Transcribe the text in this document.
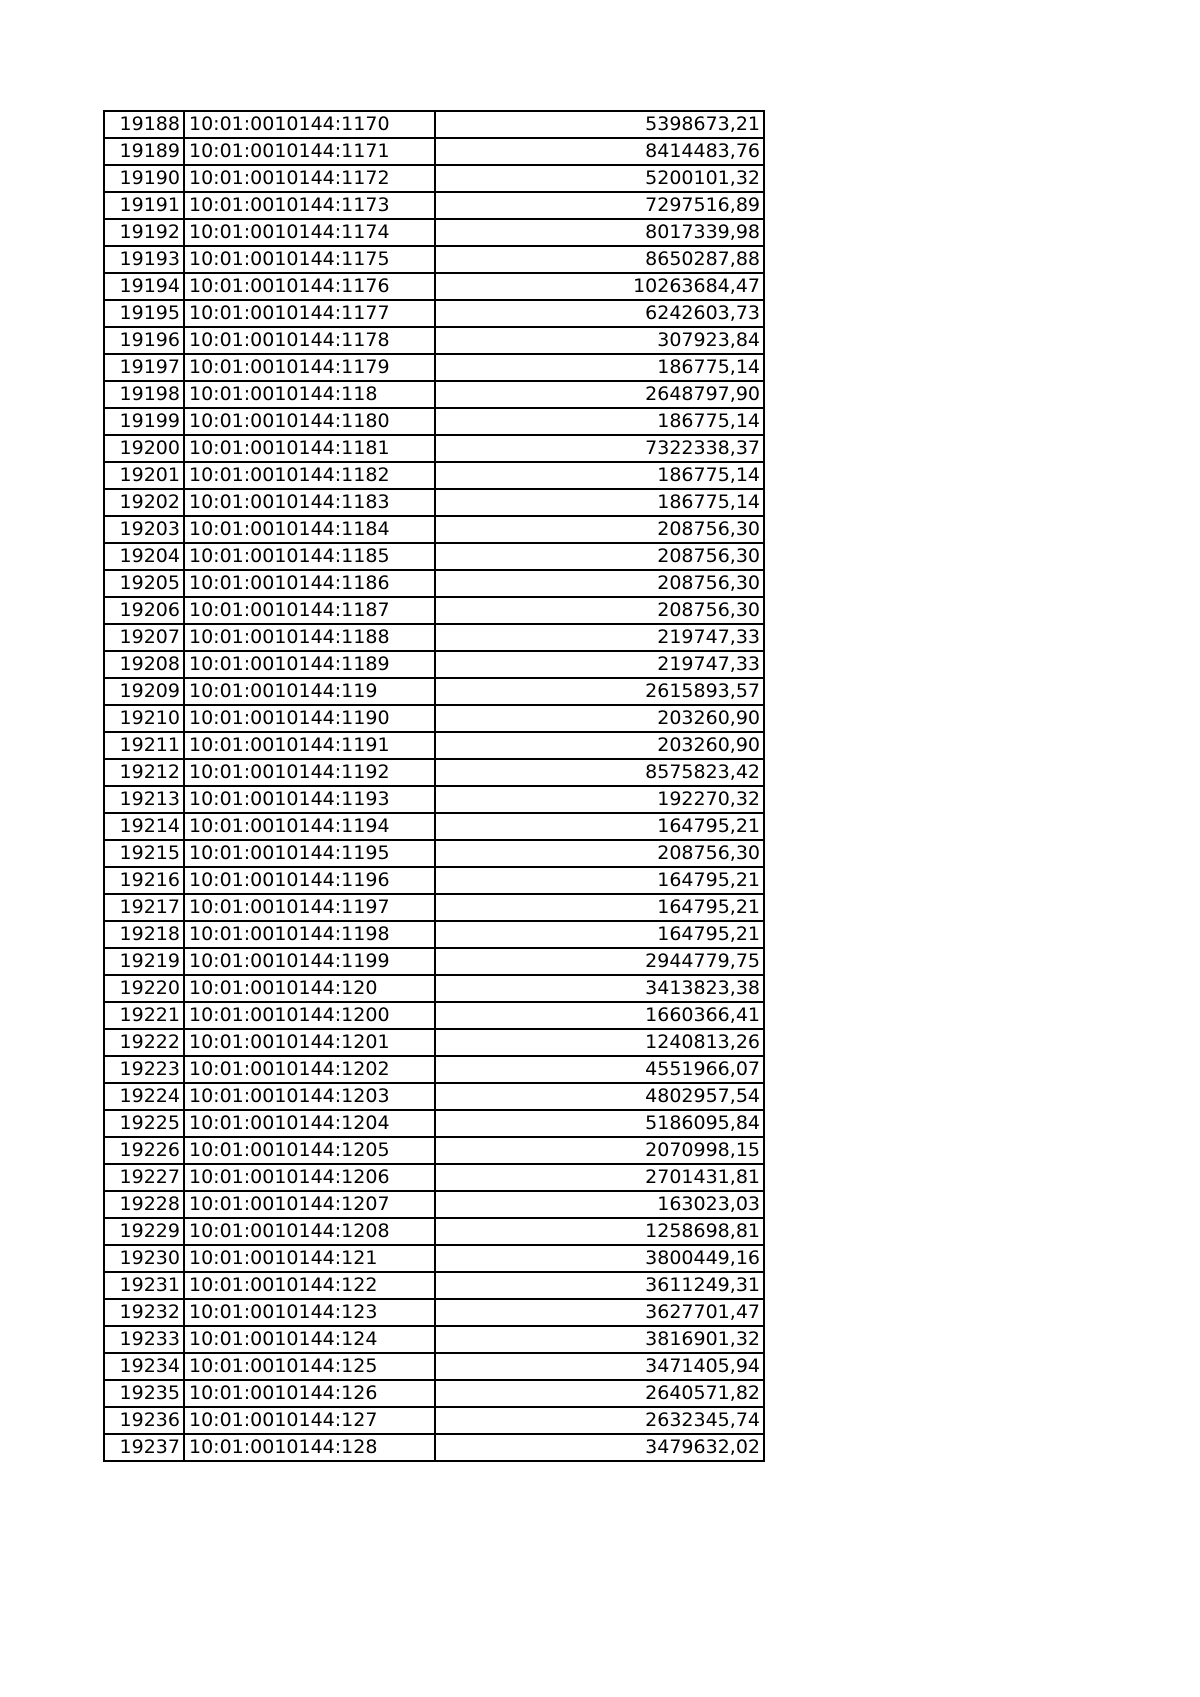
19188	10:01:0010144:1170	5398673,21
19189	10:01:0010144:1171	8414483,76
19190	10:01:0010144:1172	5200101,32
19191	10:01:0010144:1173	7297516,89
19192	10:01:0010144:1174	8017339,98
19193	10:01:0010144:1175	8650287,88
19194	10:01:0010144:1176	10263684,47
19195	10:01:0010144:1177	6242603,73
19196	10:01:0010144:1178	307923,84
19197	10:01:0010144:1179	186775,14
19198	10:01:0010144:118	2648797,90
19199	10:01:0010144:1180	186775,14
19200	10:01:0010144:1181	7322338,37
19201	10:01:0010144:1182	186775,14
19202	10:01:0010144:1183	186775,14
19203	10:01:0010144:1184	208756,30
19204	10:01:0010144:1185	208756,30
19205	10:01:0010144:1186	208756,30
19206	10:01:0010144:1187	208756,30
19207	10:01:0010144:1188	219747,33
19208	10:01:0010144:1189	219747,33
19209	10:01:0010144:119	2615893,57
19210	10:01:0010144:1190	203260,90
19211	10:01:0010144:1191	203260,90
19212	10:01:0010144:1192	8575823,42
19213	10:01:0010144:1193	192270,32
19214	10:01:0010144:1194	164795,21
19215	10:01:0010144:1195	208756,30
19216	10:01:0010144:1196	164795,21
19217	10:01:0010144:1197	164795,21
19218	10:01:0010144:1198	164795,21
19219	10:01:0010144:1199	2944779,75
19220	10:01:0010144:120	3413823,38
19221	10:01:0010144:1200	1660366,41
19222	10:01:0010144:1201	1240813,26
19223	10:01:0010144:1202	4551966,07
19224	10:01:0010144:1203	4802957,54
19225	10:01:0010144:1204	5186095,84
19226	10:01:0010144:1205	2070998,15
19227	10:01:0010144:1206	2701431,81
19228	10:01:0010144:1207	163023,03
19229	10:01:0010144:1208	1258698,81
19230	10:01:0010144:121	3800449,16
19231	10:01:0010144:122	3611249,31
19232	10:01:0010144:123	3627701,47
19233	10:01:0010144:124	3816901,32
19234	10:01:0010144:125	3471405,94
19235	10:01:0010144:126	2640571,82
19236	10:01:0010144:127	2632345,74
19237	10:01:0010144:128	3479632,02
